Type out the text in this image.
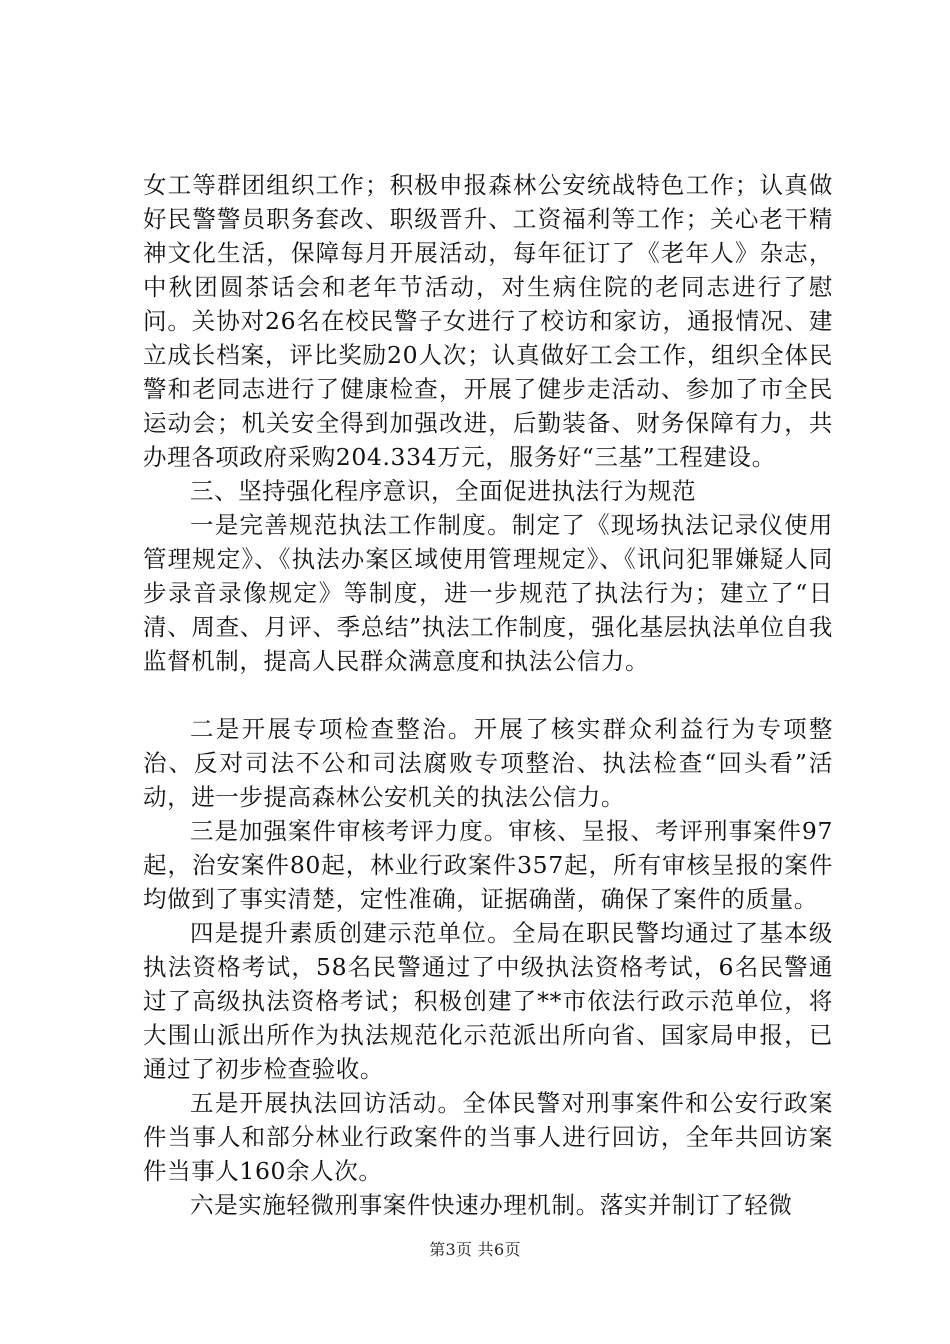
女工等群团组织工作；积极申报森林公安统战特色工作；认真做好民警警员职务套改、职级晋升、工资福利等工作；关心老干精神文化生活，保障每月开展活动，每年征订了《老年人》杂志，中秋团圆茶话会和老年节活动，对生病住院的老同志进行了慰问。关协对26名在校民警子女进行了校访和家访，通报情况、建立成长档案，评比奖励20人次；认真做好工会工作，组织全体民警和老同志进行了健康检查，开展了健步走活动、参加了市全民运动会；机关安全得到加强改进，后勤装备、财务保障有力，共办理各项政府采购204.334万元，服务好“三基”工程建设。

三、坚持强化程序意识，全面促进执法行为规范

一是完善规范执法工作制度。制定了《现场执法记录仪使用管理规定》、《执法办案区域使用管理规定》、《讯问犯罪嫌疑人同步录音录像规定》等制度，进一步规范了执法行为；建立了“日清、周查、月评、季总结”执法工作制度，强化基层执法单位自我监督机制，提高人民群众满意度和执法公信力。

二是开展专项检查整治。开展了核实群众利益行为专项整治、反对司法不公和司法腐败专项整治、执法检查“回头看”活动，进一步提高森林公安机关的执法公信力。

三是加强案件审核考评力度。审核、呈报、考评刑事案件97起，治安案件80起，林业行政案件357起，所有审核呈报的案件均做到了事实清楚，定性准确，证据确凿，确保了案件的质量。

四是提升素质创建示范单位。全局在职民警均通过了基本级执法资格考试，58名民警通过了中级执法资格考试，6名民警通过了高级执法资格考试；积极创建了**市依法行政示范单位，将大围山派出所作为执法规范化示范派出所向省、国家局申报，已通过了初步检查验收。

五是开展执法回访活动。全体民警对刑事案件和公安行政案件当事人和部分林业行政案件的当事人进行回访，全年共回访案件当事人160余人次。

六是实施轻微刑事案件快速办理机制。落实并制订了轻微

第3页 共6页
